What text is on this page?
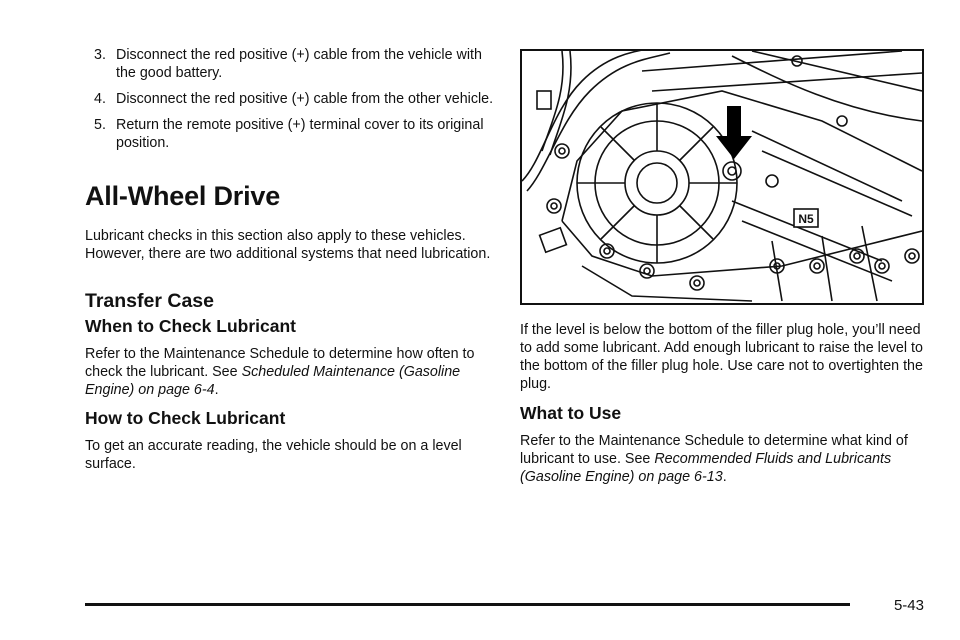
3. Disconnect the red positive (+) cable from the vehicle with the good battery.
4. Disconnect the red positive (+) cable from the other vehicle.
5. Return the remote positive (+) terminal cover to its original position.
All-Wheel Drive

Lubricant checks in this section also apply to these vehicles. However, there are two additional systems that need lubrication.

Transfer Case
When to Check Lubricant

Refer to the Maintenance Schedule to determine how often to check the lubricant. See Scheduled Maintenance (Gasoline Engine) on page 6-4.

How to Check Lubricant

To get an accurate reading, the vehicle should be on a level surface.

N5

If the level is below the bottom of the filler plug hole, you’ll need to add some lubricant. Add enough lubricant to raise the level to the bottom of the filler plug hole. Use care not to overtighten the plug.

What to Use

Refer to the Maintenance Schedule to determine what kind of lubricant to use. See Recommended Fluids and Lubricants (Gasoline Engine) on page 6-13.

5-43
